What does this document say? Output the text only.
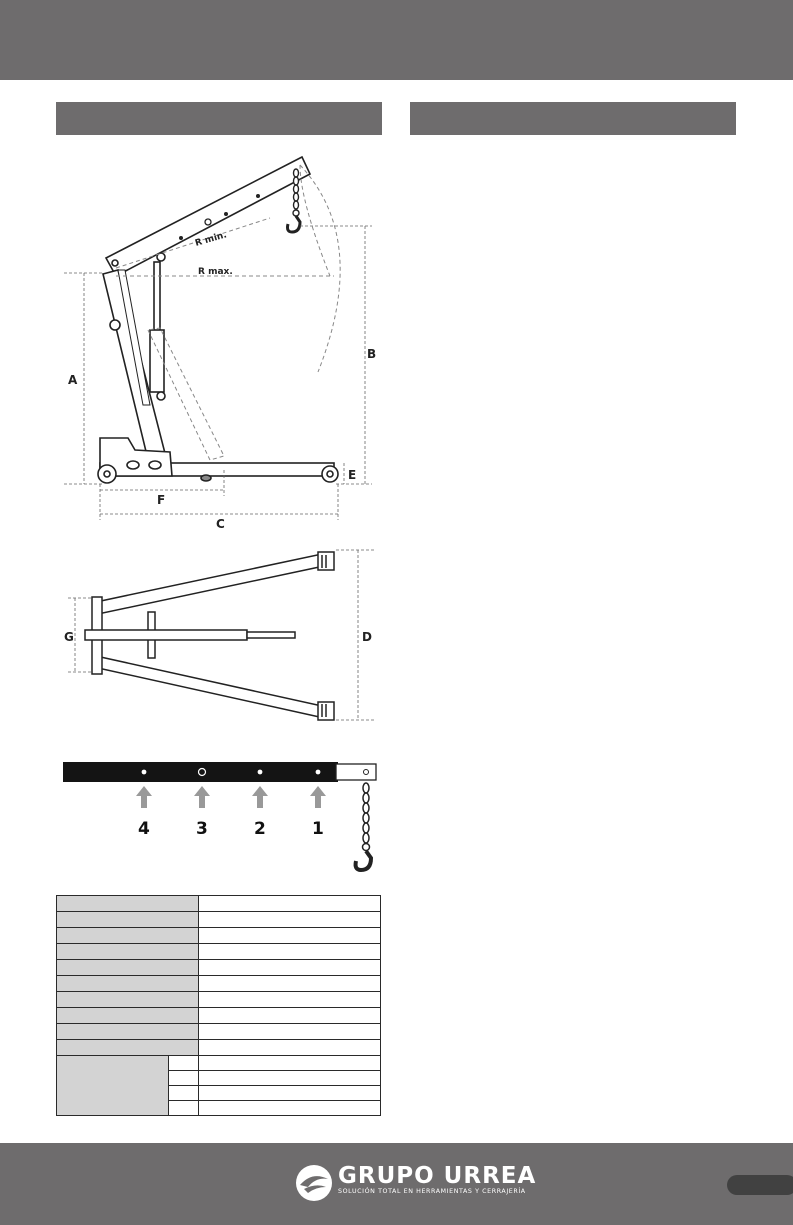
R min.
R max.
A
B
C
E
F
G	D
4	3	2	1
GRUPO URREA
SOLUCIÓN TOTAL EN HERRAMIENTAS Y CERRAJERÍA
